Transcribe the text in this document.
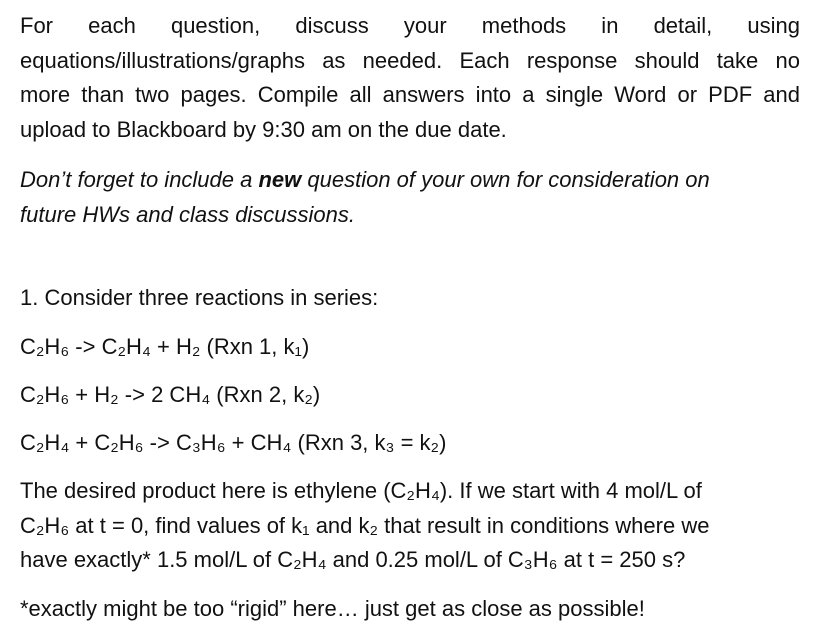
For each question, discuss your methods in detail, using
equations/illustrations/graphs as needed. Each response should take no
more than two pages. Compile all answers into a single Word or PDF and
upload to Blackboard by 9:30 am on the due date.
Don’t forget to include a new question of your own for consideration on
future HWs and class discussions.
1. Consider three reactions in series:
C₂H₆ -> C₂H₄ + H₂ (Rxn 1, k₁)
C₂H₆ + H₂ -> 2 CH₄ (Rxn 2, k₂)
C₂H₄ + C₂H₆ -> C₃H₆ + CH₄ (Rxn 3, k₃ = k₂)
The desired product here is ethylene (C₂H₄). If we start with 4 mol/L of
C₂H₆ at t = 0, find values of k₁ and k₂ that result in conditions where we
have exactly* 1.5 mol/L of C₂H₄ and 0.25 mol/L of C₃H₆ at t = 250 s?
*exactly might be too “rigid” here… just get as close as possible!
